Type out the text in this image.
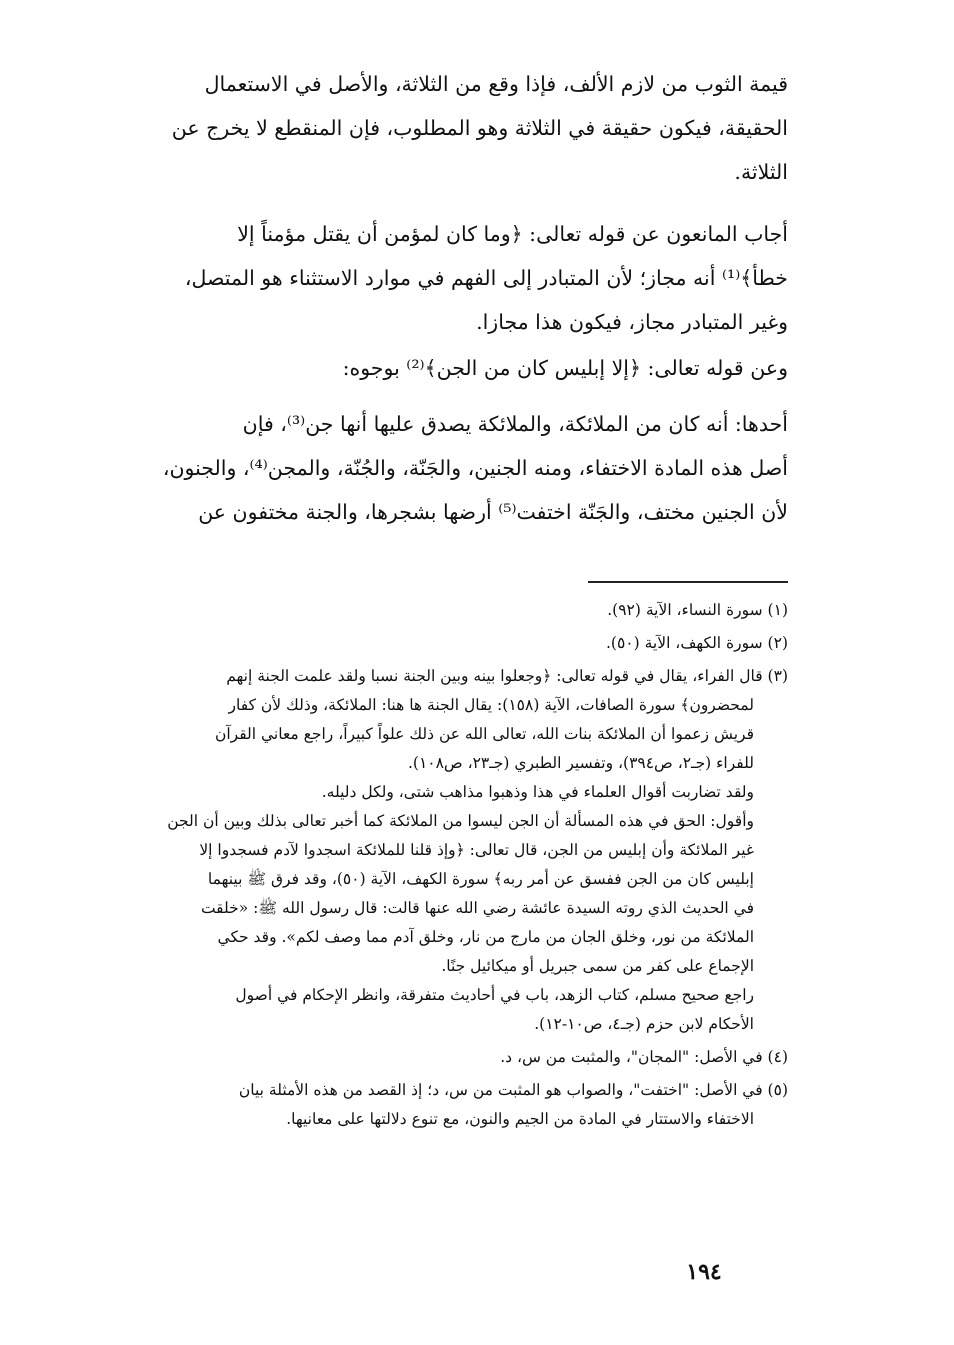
قيمة الثوب من لازم الألف، فإذا وقع من الثلاثة، والأصل في الاستعمال
الحقيقة، فيكون حقيقة في الثلاثة وهو المطلوب، فإن المنقطع لا يخرج عن
الثلاثة.
أجاب المانعون عن قوله تعالى: ﴿وما كان لمؤمن أن يقتل مؤمناً إلا
خطأ﴾⁽¹⁾ أنه مجاز؛ لأن المتبادر إلى الفهم في موارد الاستثناء هو المتصل،
وغير المتبادر مجاز، فيكون هذا مجازا.
وعن قوله تعالى: ﴿إلا إبليس كان من الجن﴾⁽²⁾ بوجوه:
أحدها: أنه كان من الملائكة، والملائكة يصدق عليها أنها جن⁽³⁾، فإن
أصل هذه المادة الاختفاء، ومنه الجنين، والجَنّة، والجُنّة، والمجن⁽⁴⁾، والجنون،
لأن الجنين مختف، والجَنّة اختفت⁽⁵⁾ أرضها بشجرها، والجنة مختفون عن
(١) سورة النساء، الآية (٩٢).
(٢) سورة الكهف، الآية (٥٠).
(٣) قال الفراء، يقال في قوله تعالى: ﴿وجعلوا بينه وبين الجنة نسبا ولقد علمت الجنة إنهم
لمحضرون﴾ سورة الصافات، الآية (١٥٨): يقال الجنة ها هنا: الملائكة، وذلك لأن كفار
قريش زعموا أن الملائكة بنات الله، تعالى الله عن ذلك علواً كبيراً، راجع معاني القرآن
للفراء (جـ٢، ص٣٩٤)، وتفسير الطبري (جـ٢٣، ص١٠٨).
ولقد تضاربت أقوال العلماء في هذا وذهبوا مذاهب شتى، ولكل دليله.
وأقول: الحق في هذه المسألة أن الجن ليسوا من الملائكة كما أخبر تعالى بذلك وبين أن الجن
غير الملائكة وأن إبليس من الجن، قال تعالى: ﴿وإذ قلنا للملائكة اسجدوا لآدم فسجدوا إلا
إبليس كان من الجن ففسق عن أمر ربه﴾ سورة الكهف، الآية (٥٠)، وقد فرق ﷺ بينهما
في الحديث الذي روته السيدة عائشة رضي الله عنها قالت: قال رسول الله ﷺ: «خلقت
الملائكة من نور، وخلق الجان من مارج من نار، وخلق آدم مما وصف لكم». وقد حكي
الإجماع على كفر من سمى جبريل أو ميكائيل جنًا.
راجع صحيح مسلم، كتاب الزهد، باب في أحاديث متفرقة، وانظر الإحكام في أصول
الأحكام لابن حزم (جـ٤، ص١٠-١٢).
(٤) في الأصل: "المجان"، والمثبت من س، د.
(٥) في الأصل: "اختفت"، والصواب هو المثبت من س، د؛ إذ القصد من هذه الأمثلة بيان
الاختفاء والاستتار في المادة من الجيم والنون، مع تنوع دلالتها على معانيها.
١٩٤
